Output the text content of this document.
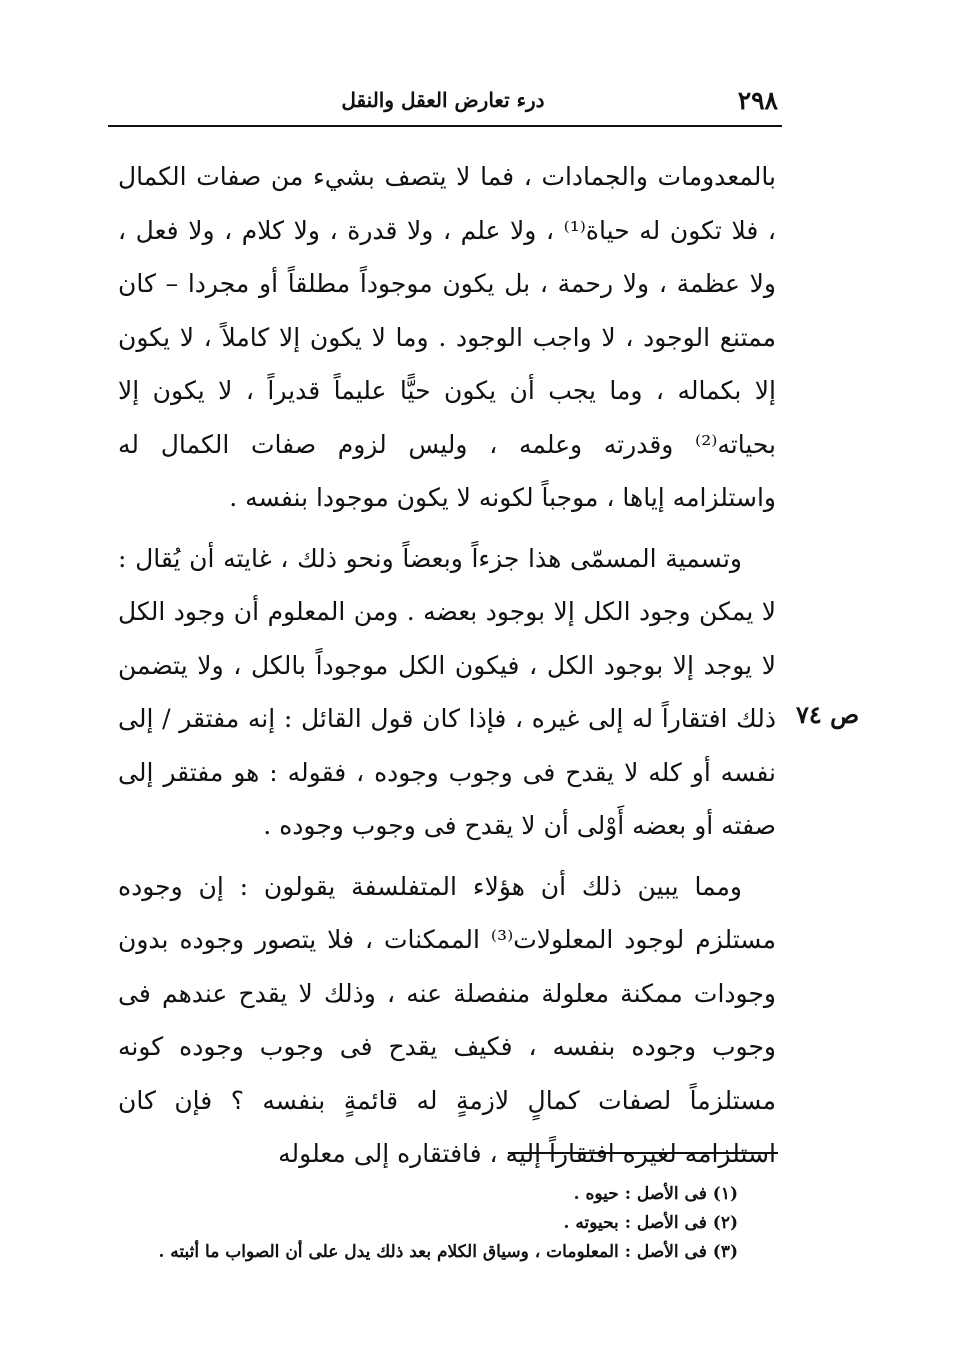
٢٩٨
درء تعارض العقل والنقل
ص ٧٤

بالمعدومات والجمادات ، فما لا يتصف بشيء من صفات الكمال ، فلا تكون له حياة⁽¹⁾ ، ولا علم ، ولا قدرة ، ولا كلام ، ولا فعل ، ولا عظمة ، ولا رحمة ، بل يكون موجوداً مطلقاً أو مجردا – كان ممتنع الوجود ، لا واجب الوجود . وما لا يكون إلا كاملاً ، لا يكون إلا بكماله ، وما يجب أن يكون حيًّا عليماً قديراً ، لا يكون إلا بحياته⁽²⁾ وقدرته وعلمه ، وليس لزوم صفات الكمال له واستلزامه إياها ، موجباً لكونه لا يكون موجودا بنفسه .

وتسمية المسمّى هذا جزءاً وبعضاً ونحو ذلك ، غايته أن يُقال : لا يمكن وجود الكل إلا بوجود بعضه . ومن المعلوم أن وجود الكل لا يوجد إلا بوجود الكل ، فيكون الكل موجوداً بالكل ، ولا يتضمن ذلك افتقاراً له إلى غيره ، فإذا كان قول القائل : إنه مفتقر / إلى نفسه أو كله لا يقدح فى وجوب وجوده ، فقوله : هو مفتقر إلى صفته أو بعضه أَوْلى أن لا يقدح فى وجوب وجوده .

ومما يبين ذلك أن هؤلاء المتفلسفة يقولون : إن وجوده مستلزم لوجود المعلولات⁽³⁾ الممكنات ، فلا يتصور وجوده بدون وجودات ممكنة معلولة منفصلة عنه ، وذلك لا يقدح عندهم فى وجوب وجوده بنفسه ، فكيف يقدح فى وجوب وجوده كونه مستلزماً لصفات كمالٍ لازمةٍ له قائمةٍ بنفسه ؟ فإن كان استلزامه لغيره افتقاراً إليه ، فافتقاره إلى معلوله

(١) فى الأصل : حيوه .

(٢) فى الأصل : بحيوته .

(٣) فى الأصل : المعلومات ، وسياق الكلام بعد ذلك يدل على أن الصواب ما أثبته .
